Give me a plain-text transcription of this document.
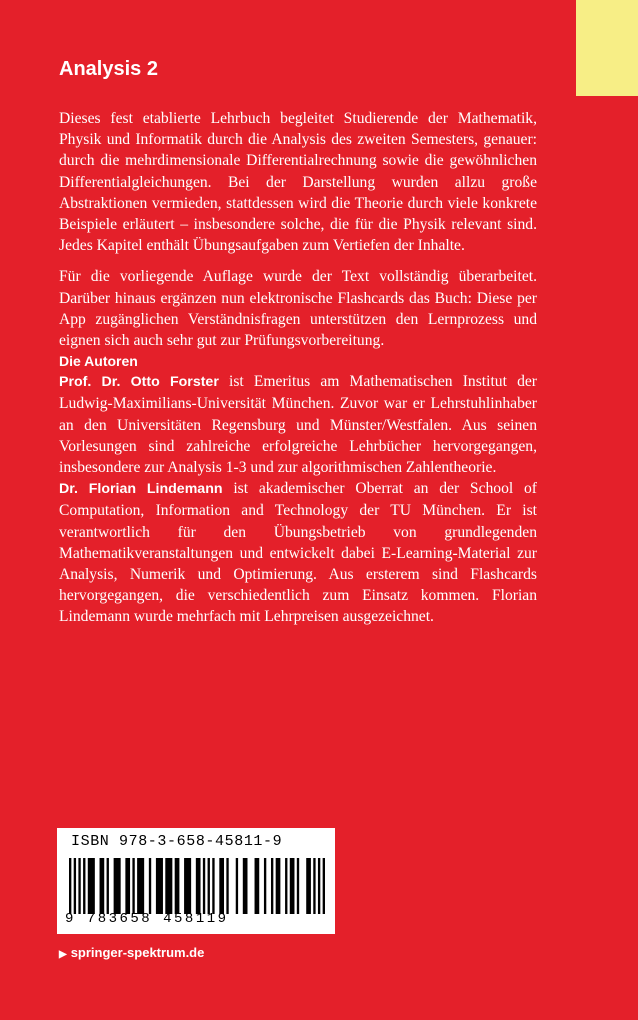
Analysis 2

Dieses fest etablierte Lehrbuch begleitet Studierende der Mathematik, Physik und Informatik durch die Analysis des zweiten Semesters, genauer: durch die mehrdimensionale Differentialrechnung sowie die gewöhnlichen Differentialgleichungen. Bei der Darstellung wurden allzu große Abstraktionen vermieden, stattdessen wird die Theorie durch viele konkrete Beispiele erläutert – insbesondere solche, die für die Physik relevant sind. Jedes Kapitel enthält Übungsaufgaben zum Vertiefen der Inhalte.

Für die vorliegende Auflage wurde der Text vollständig überarbeitet. Darüber hinaus ergänzen nun elektronische Flashcards das Buch: Diese per App zugänglichen Verständnisfragen unterstützen den Lernprozess und eignen sich auch sehr gut zur Prüfungsvorbereitung.

Die Autoren

Prof. Dr. Otto Forster ist Emeritus am Mathematischen Institut der Ludwig-Maximilians-Universität München. Zuvor war er Lehrstuhlinhaber an den Universitäten Regensburg und Münster/Westfalen. Aus seinen Vorlesungen sind zahlreiche erfolgreiche Lehrbücher hervorgegangen, insbesondere zur Analysis 1-3 und zur algorithmischen Zahlentheorie.

Dr. Florian Lindemann ist akademischer Oberrat an der School of Computation, Information and Technology der TU München. Er ist verantwortlich für den Übungsbetrieb von grundlegenden Mathematikveranstaltungen und entwickelt dabei E-Learning-Material zur Analysis, Numerik und Optimierung. Aus ersterem sind Flashcards hervorgegangen, die verschiedentlich zum Einsatz kommen. Florian Lindemann wurde mehrfach mit Lehrpreisen ausgezeichnet.

ISBN 978-3-658-45811-9
9 783658 458119
▶ springer-spektrum.de
